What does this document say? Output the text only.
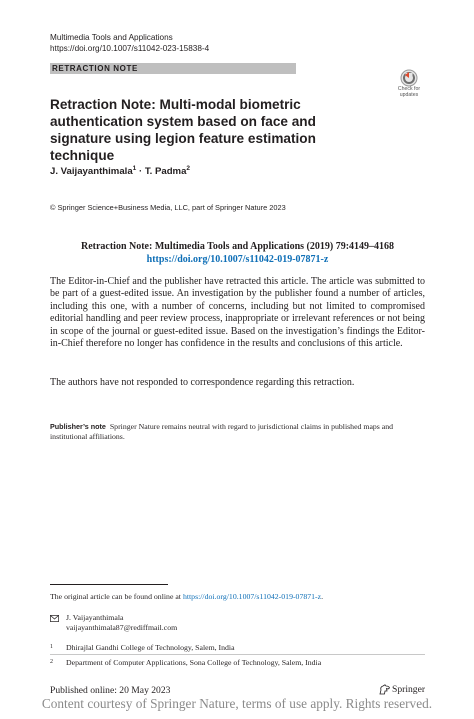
Multimedia Tools and Applications
https://doi.org/10.1007/s11042-023-15838-4
RETRACTION NOTE
Check for updates
Retraction Note: Multi-modal biometric authentication system based on face and signature using legion feature estimation technique
J. Vaijayanthimala$^1$ · T. Padma$^2$
© Springer Science+Business Media, LLC, part of Springer Nature 2023
Retraction Note: Multimedia Tools and Applications (2019) 79:4149–4168
https://doi.org/10.1007/s11042-019-07871-z
The Editor-in-Chief and the publisher have retracted this article. The article was submitted to be part of a guest-edited issue. An investigation by the publisher found a number of articles, including this one, with a number of concerns, including but not limited to compromised editorial handling and peer review process, inappropriate or irrelevant references or not being in scope of the journal or guest-edited issue. Based on the investigation’s findings the Editor-in-Chief therefore no longer has confidence in the results and conclusions of this article.
The authors have not responded to correspondence regarding this retraction.
Publisher’s note Springer Nature remains neutral with regard to jurisdictional claims in published maps and institutional affiliations.
The original article can be found online at https://doi.org/10.1007/s11042-019-07871-z.
J. Vaijayanthimala
vaijayanthimala87@rediffmail.com
1 Dhirajlal Gandhi College of Technology, Salem, India
2 Department of Computer Applications, Sona College of Technology, Salem, India
Published online: 20 May 2023	Springer
Content courtesy of Springer Nature, terms of use apply. Rights reserved.
